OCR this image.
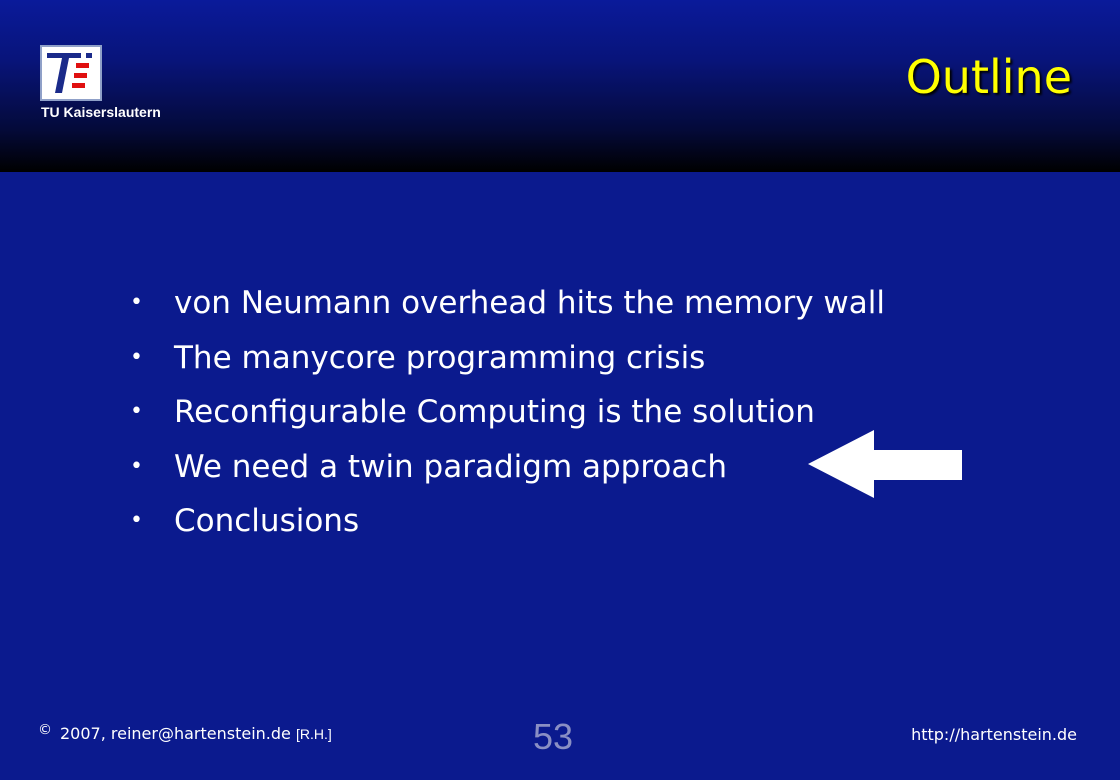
TU Kaiserslautern
Outline
• von Neumann overhead hits the memory wall
• The manycore programming crisis
• Reconfigurable Computing is the solution
• We need a twin paradigm approach
• Conclusions
© 2007, reiner@hartenstein.de [R.H.]	53	http://hartenstein.de
